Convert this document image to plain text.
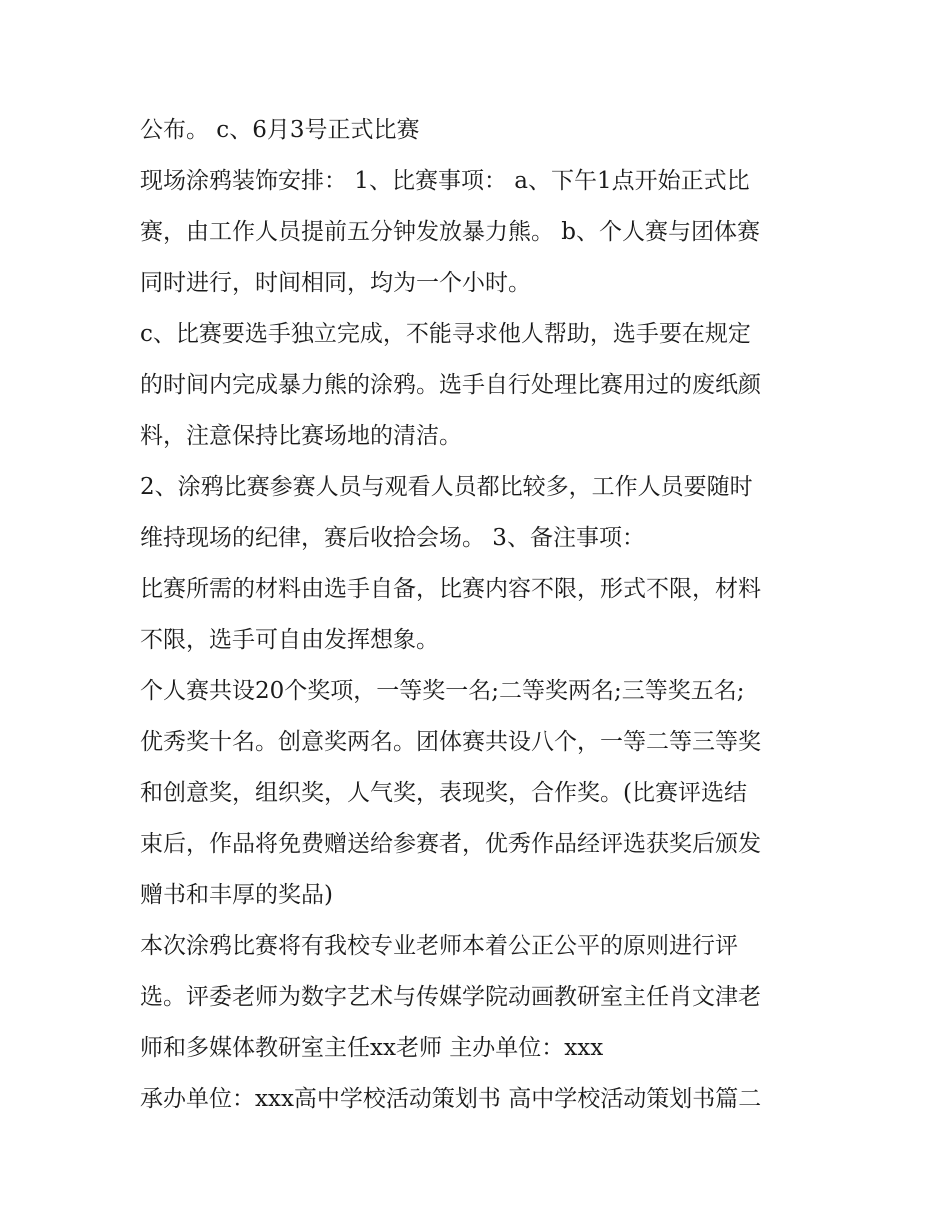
公布。 c、6月3号正式比赛
现场涂鸦装饰安排： 1、比赛事项： a、下午1点开始正式比
赛，由工作人员提前五分钟发放暴力熊。 b、个人赛与团体赛
同时进行，时间相同，均为一个小时。
c、比赛要选手独立完成，不能寻求他人帮助，选手要在规定
的时间内完成暴力熊的涂鸦。选手自行处理比赛用过的废纸颜
料，注意保持比赛场地的清洁。
2、涂鸦比赛参赛人员与观看人员都比较多，工作人员要随时
维持现场的纪律，赛后收拾会场。 3、备注事项：
比赛所需的材料由选手自备，比赛内容不限，形式不限，材料
不限，选手可自由发挥想象。
个人赛共设20个奖项，一等奖一名;二等奖两名;三等奖五名;
优秀奖十名。创意奖两名。团体赛共设八个，一等二等三等奖
和创意奖，组织奖，人气奖，表现奖，合作奖。(比赛评选结
束后，作品将免费赠送给参赛者，优秀作品经评选获奖后颁发
赠书和丰厚的奖品)
本次涂鸦比赛将有我校专业老师本着公正公平的原则进行评
选。评委老师为数字艺术与传媒学院动画教研室主任肖文津老
师和多媒体教研室主任xx老师 主办单位：xxx
承办单位：xxx高中学校活动策划书 高中学校活动策划书篇二
